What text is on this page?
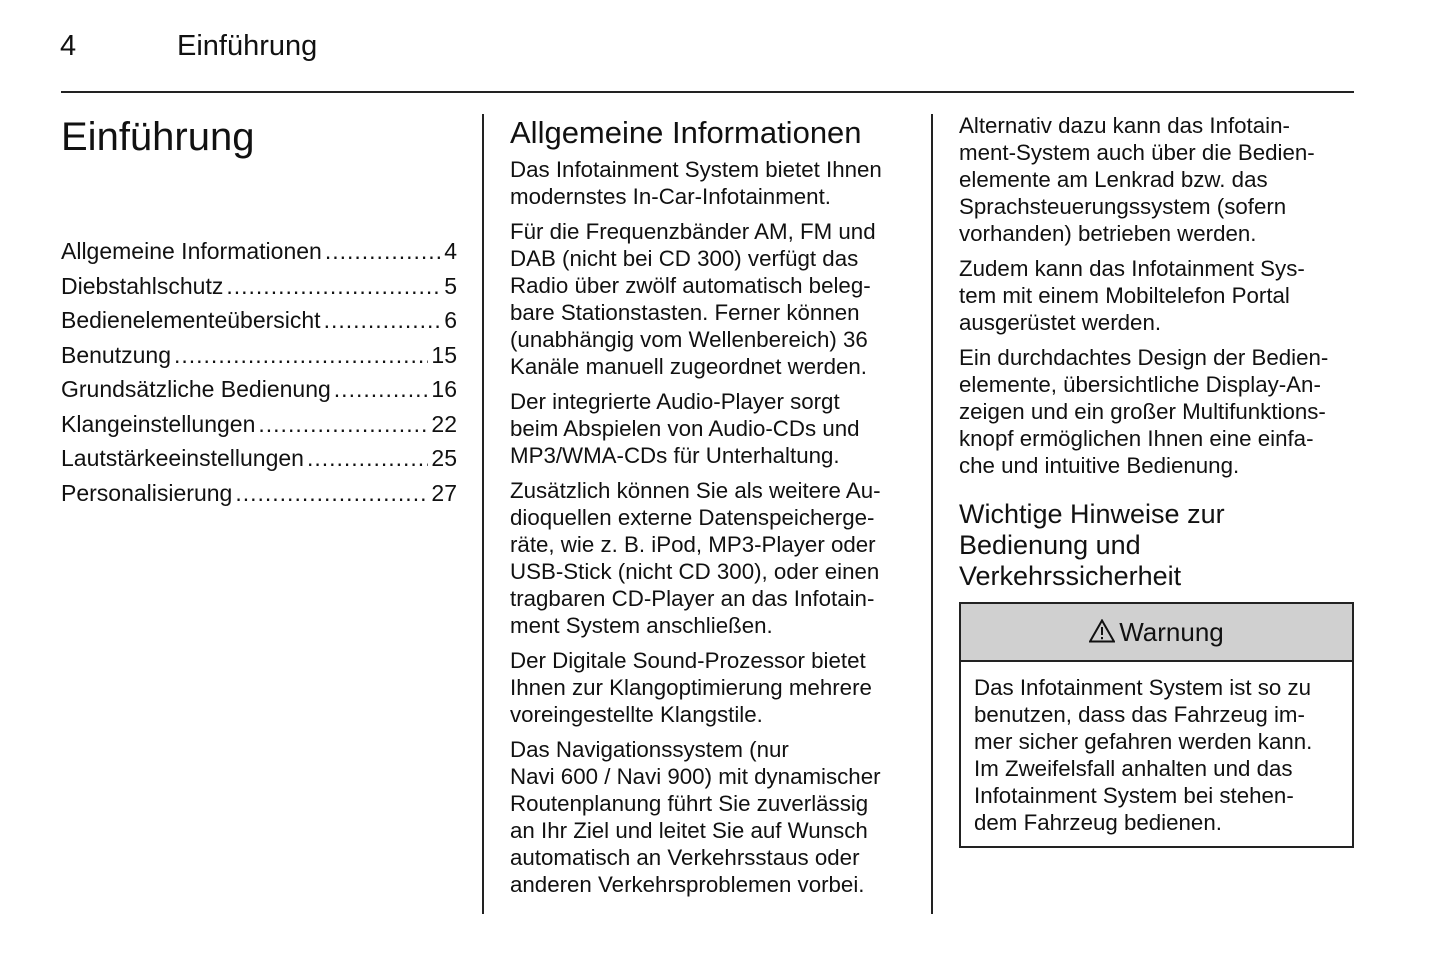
4	Einführung
Einführung
Allgemeine Informationen .....	4
Diebstahlschutz .....	5
Bedienelementeübersicht .....	6
Benutzung .....	15
Grundsätzliche Bedienung .....	16
Klangeinstellungen .....	22
Lautstärkeeinstellungen .....	25
Personalisierung .....	27
Allgemeine Informationen

Das Infotainment System bietet Ihnen
modernstes In-Car-Infotainment.

Für die Frequenzbänder AM, FM und
DAB (nicht bei CD 300) verfügt das
Radio über zwölf automatisch beleg-
bare Stationstasten. Ferner können
(unabhängig vom Wellenbereich) 36
Kanäle manuell zugeordnet werden.

Der integrierte Audio-Player sorgt
beim Abspielen von Audio-CDs und
MP3/WMA-CDs für Unterhaltung.

Zusätzlich können Sie als weitere Au-
dioquellen externe Datenspeicherge-
räte, wie z. B. iPod, MP3-Player oder
USB-Stick (nicht CD 300), oder einen
tragbaren CD-Player an das Infotain-
ment System anschließen.

Der Digitale Sound-Prozessor bietet
Ihnen zur Klangoptimierung mehrere
voreingestellte Klangstile.

Das Navigationssystem (nur
Navi 600 / Navi 900) mit dynamischer
Routenplanung führt Sie zuverlässig
an Ihr Ziel und leitet Sie auf Wunsch
automatisch an Verkehrsstaus oder
anderen Verkehrsproblemen vorbei.

Alternativ dazu kann das Infotain-
ment-System auch über die Bedien-
elemente am Lenkrad bzw. das
Sprachsteuerungssystem (sofern
vorhanden) betrieben werden.

Zudem kann das Infotainment Sys-
tem mit einem Mobiltelefon Portal
ausgerüstet werden.

Ein durchdachtes Design der Bedien-
elemente, übersichtliche Display-An-
zeigen und ein großer Multifunktions-
knopf ermöglichen Ihnen eine einfa-
che und intuitive Bedienung.

Wichtige Hinweise zur
Bedienung und
Verkehrssicherheit
Warnung
Das Infotainment System ist so zu
benutzen, dass das Fahrzeug im-
mer sicher gefahren werden kann.
Im Zweifelsfall anhalten und das
Infotainment System bei stehen-
dem Fahrzeug bedienen.
